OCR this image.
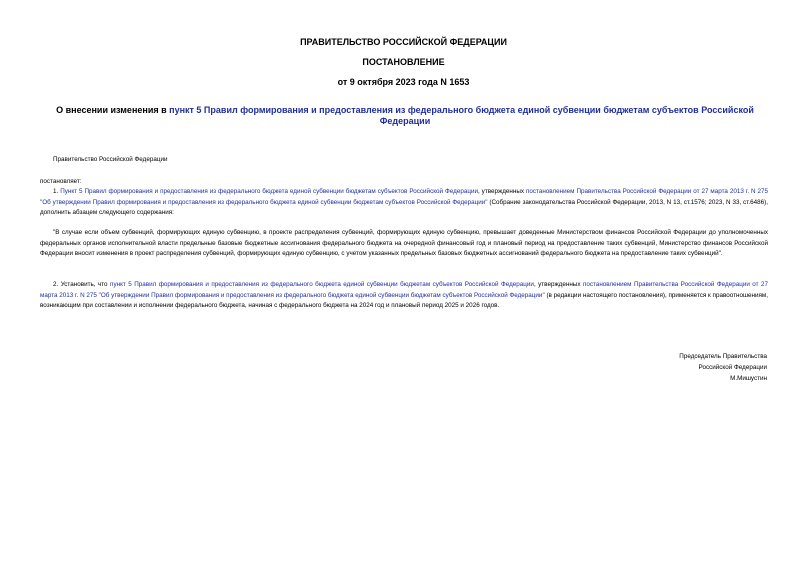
ПРАВИТЕЛЬСТВО РОССИЙСКОЙ ФЕДЕРАЦИИ
ПОСТАНОВЛЕНИЕ
от 9 октября 2023 года N 1653
О внесении изменения в пункт 5 Правил формирования и предоставления из федерального бюджета единой субвенции бюджетам субъектов Российской Федерации
Правительство Российской Федерации
постановляет:
1. Пункт 5 Правил формирования и предоставления из федерального бюджета единой субвенции бюджетам субъектов Российской Федерации, утвержденных постановлением Правительства Российской Федерации от 27 марта 2013 г. N 275 "Об утверждении Правил формирования и предоставления из федерального бюджета единой субвенции бюджетам субъектов Российской Федерации" (Собрание законодательства Российской Федерации, 2013, N 13, ст.1576; 2023, N 33, ст.6486), дополнить абзацем следующего содержания:
"В случае если объем субвенций, формирующих единую субвенцию, в проекте распределения субвенций, формирующих единую субвенцию, превышает доведенные Министерством финансов Российской Федерации до уполномоченных федеральных органов исполнительной власти предельные базовые бюджетные ассигнования федерального бюджета на очередной финансовый год и плановый период на предоставление таких субвенций, Министерство финансов Российской Федерации вносит изменения в проект распределения субвенций, формирующих единую субвенцию, с учетом указанных предельных базовых бюджетных ассигнований федерального бюджета на предоставление таких субвенций".
2. Установить, что пункт 5 Правил формирования и предоставления из федерального бюджета единой субвенции бюджетам субъектов Российской Федерации, утвержденных постановлением Правительства Российской Федерации от 27 марта 2013 г. N 275 "Об утверждении Правил формирования и предоставления из федерального бюджета единой субвенции бюджетам субъектов Российской Федерации" (в редакции настоящего постановления), применяется к правоотношениям, возникающим при составлении и исполнении федерального бюджета, начиная с федерального бюджета на 2024 год и плановый период 2025 и 2026 годов.
Председатель Правительства
Российской Федерации
М.Мишустин
